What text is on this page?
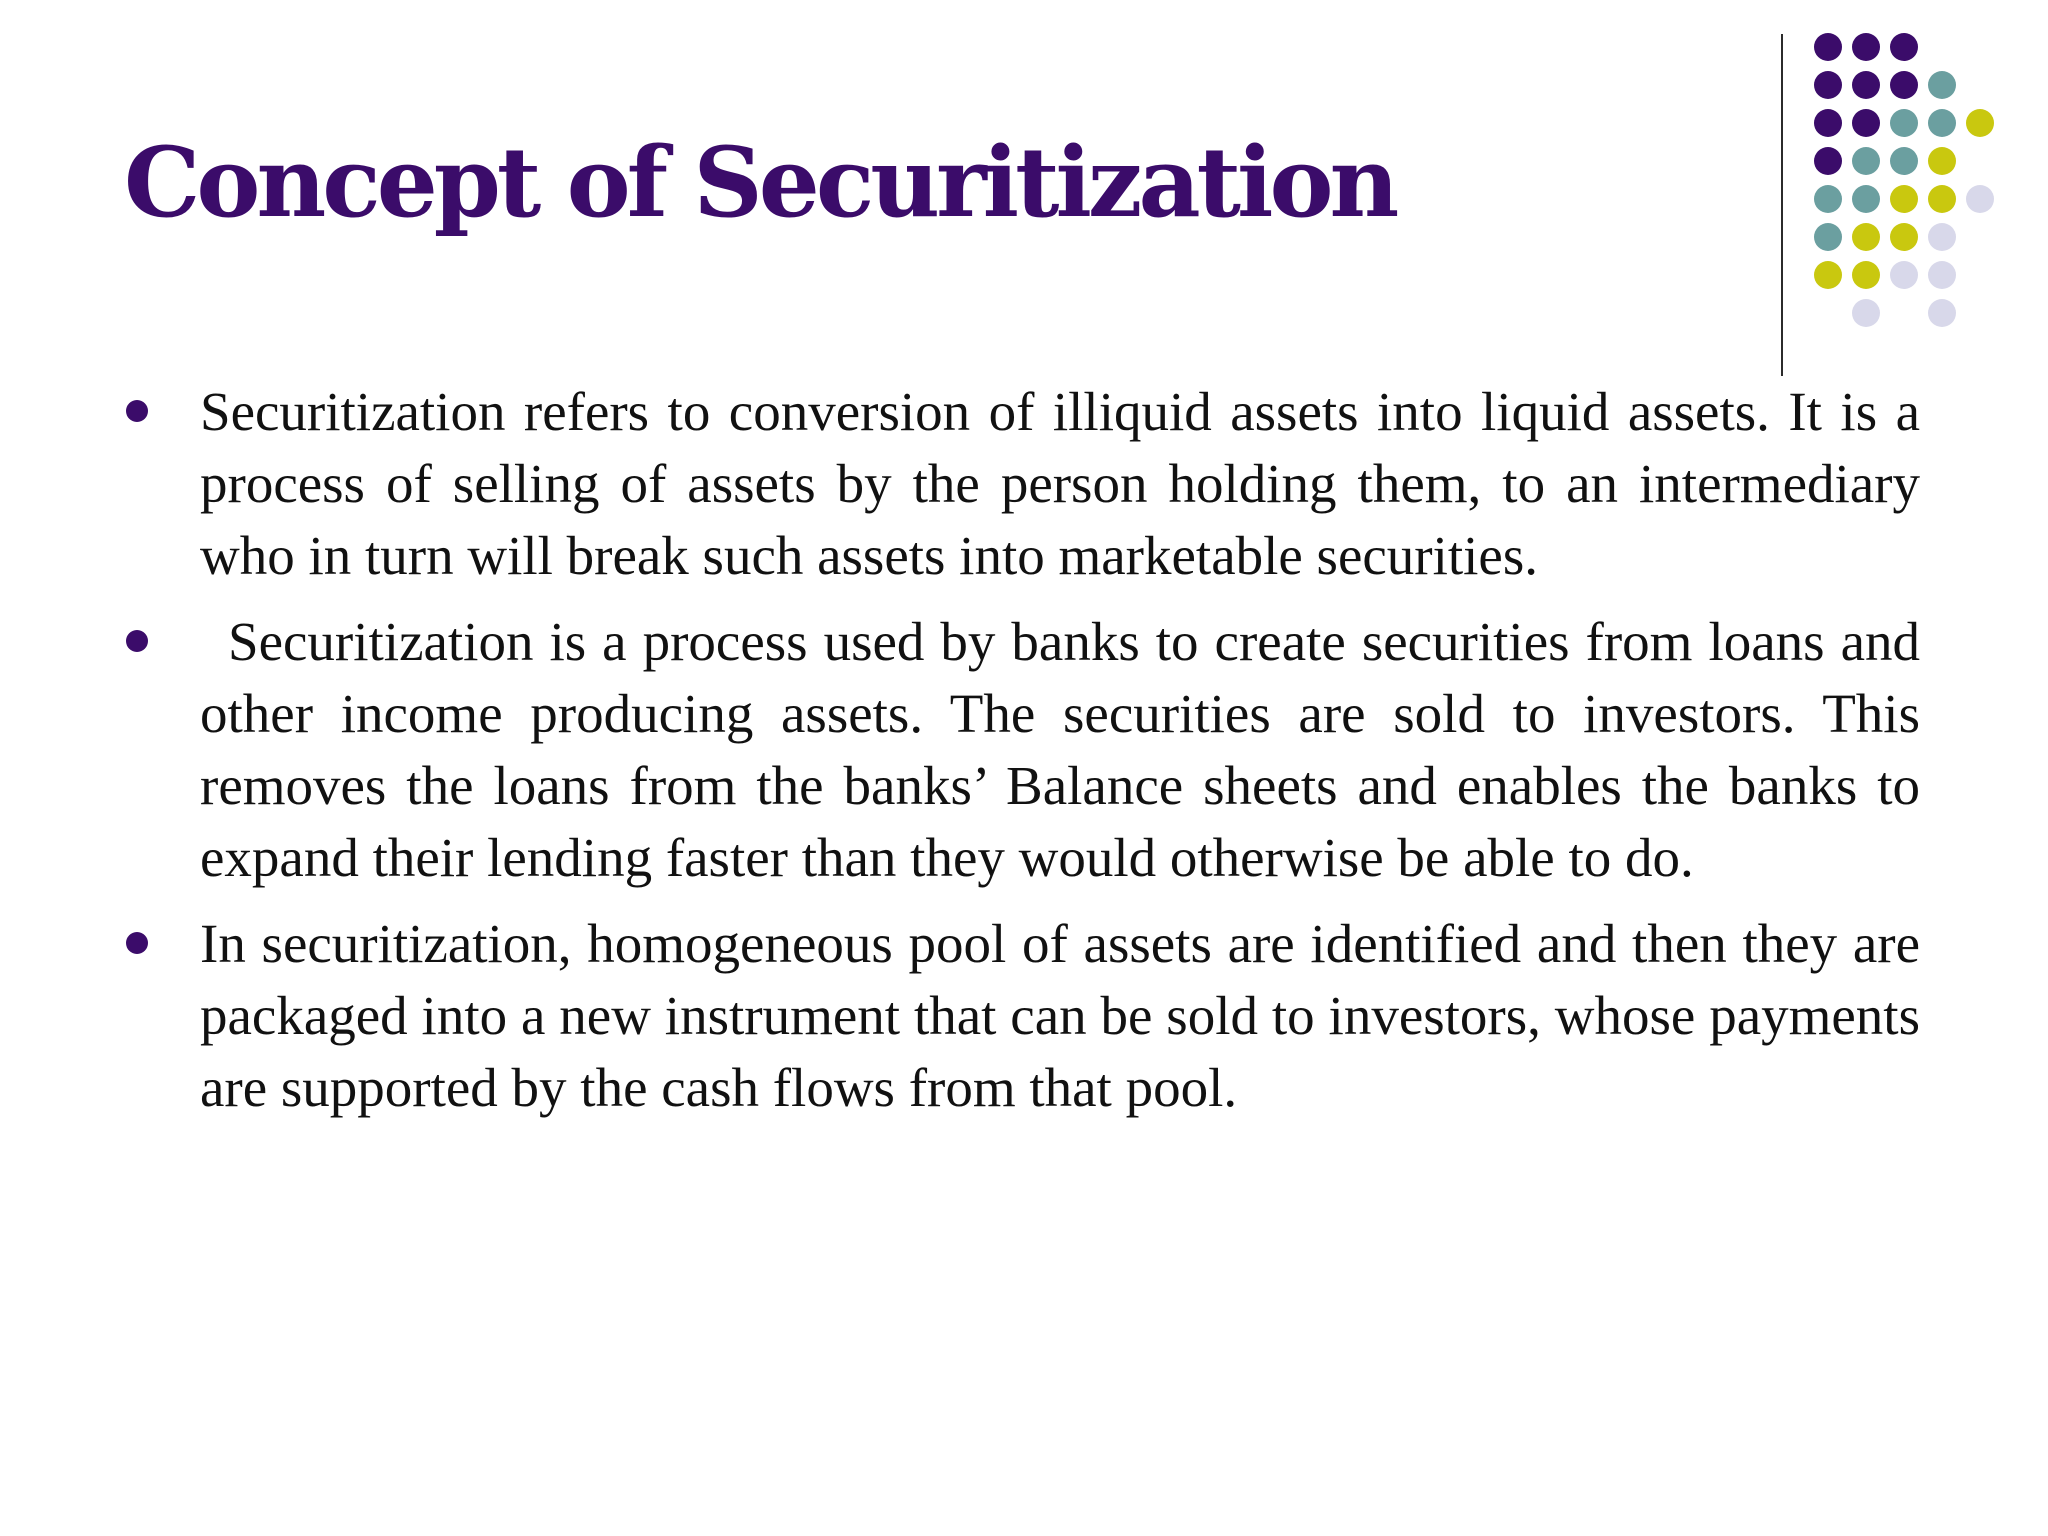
Concept of Securitization
Securitization refers to conversion of illiquid assets into liquid assets. It is a process of selling of assets by the person holding them, to an intermediary who in turn will break such assets into marketable securities.
Securitization is a process used by banks to create securities from loans and other income producing assets. The securities are sold to investors. This removes the loans from the banks’ Balance sheets and enables the banks to expand their lending faster than they would otherwise be able to do.
In securitization, homogeneous pool of assets are identified and then they are packaged into a new instrument that can be sold to investors, whose payments are supported by the cash flows from that pool.
